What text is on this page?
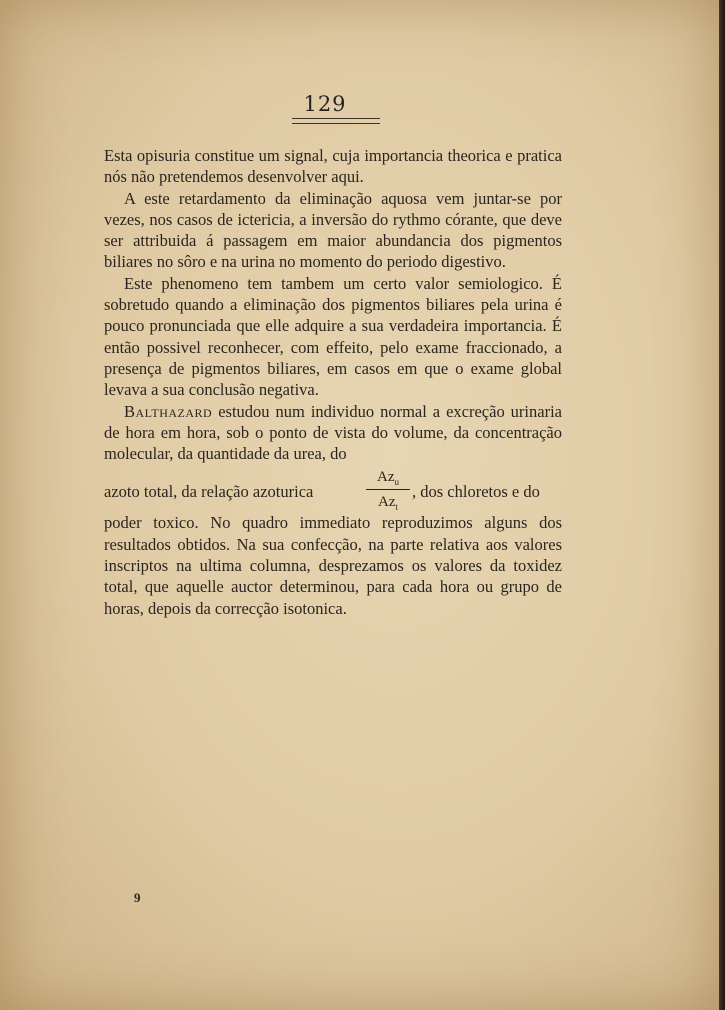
129

Esta opisuria constitue um signal, cuja importancia theorica e pratica nós não pretendemos desenvolver aqui.

A este retardamento da eliminação aquosa vem juntar-se por vezes, nos casos de ictericia, a inversão do rythmo córante, que deve ser attribuida á passagem em maior abundancia dos pigmentos biliares no sôro e na urina no momento do periodo digestivo.

Este phenomeno tem tambem um certo valor semiologico. É sobretudo quando a eliminação dos pigmentos biliares pela urina é pouco pronunciada que elle adquire a sua verdadeira importancia. É então possivel reconhecer, com effeito, pelo exame fraccionado, a presença de pigmentos biliares, em casos em que o exame global levava a sua conclusão negativa.

Balthazard estudou num individuo normal a excreção urinaria de hora em hora, sob o ponto de vista do volume, da concentração molecular, da quantidade da urea, do

azoto total, da relação azoturica
$Az_u$
$Az_t$
, dos chloretos e do

poder toxico. No quadro immediato reproduzimos alguns dos resultados obtidos. Na sua confecção, na parte relativa aos valores inscriptos na ultima columna, desprezamos os valores da toxidez total, que aquelle auctor determinou, para cada hora ou grupo de horas, depois da correcção isotonica.

9
